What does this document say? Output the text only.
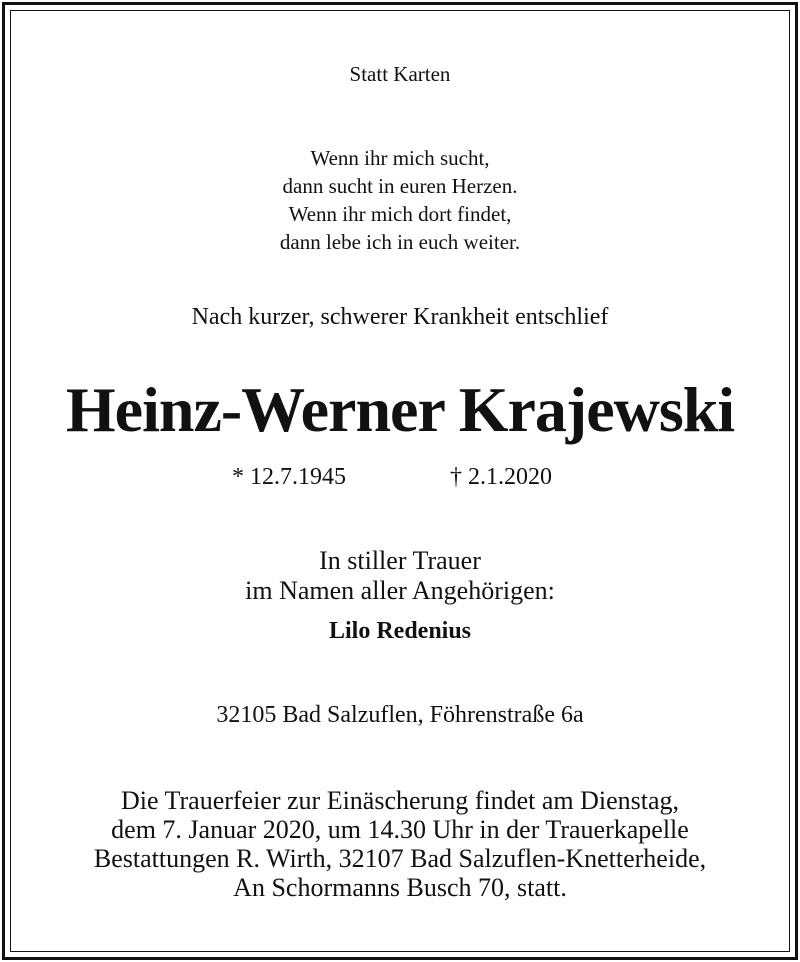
Statt Karten
Wenn ihr mich sucht,
dann sucht in euren Herzen.
Wenn ihr mich dort findet,
dann lebe ich in euch weiter.
Nach kurzer, schwerer Krankheit entschlief
Heinz-Werner Krajewski
* 12.7.1945	† 2.1.2020
In stiller Trauer
im Namen aller Angehörigen:
Lilo Redenius
32105 Bad Salzuflen, Föhrenstraße 6a
Die Trauerfeier zur Einäscherung findet am Dienstag,
dem 7. Januar 2020, um 14.30 Uhr in der Trauerkapelle
Bestattungen R. Wirth, 32107 Bad Salzuflen-Knetterheide,
An Schormanns Busch 70, statt.
